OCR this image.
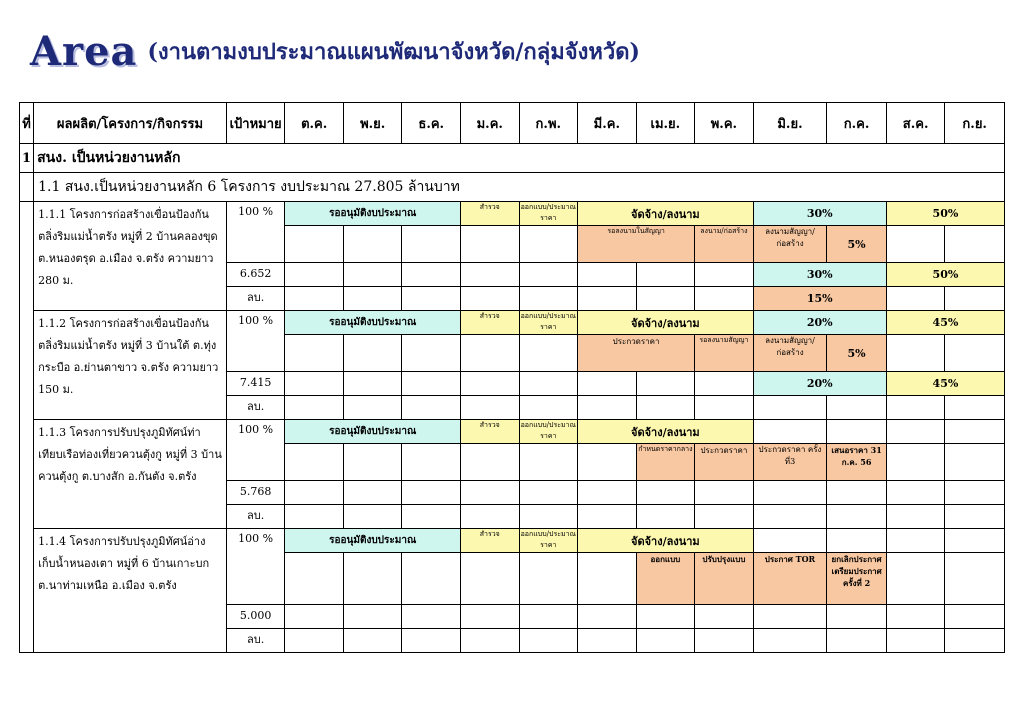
Area (งานตามงบประมาณแผนพัฒนาจังหวัด/กลุ่มจังหวัด)
ที่	ผลผลิต/โครงการ/กิจกรรม	เป้าหมาย	ต.ค.	พ.ย.	ธ.ค.	ม.ค.	ก.พ.	มี.ค.	เม.ย.	พ.ค.	มิ.ย.	ก.ค.	ส.ค.	ก.ย.
1	สนง. เป็นหน่วยงานหลัก													
	1.1 สนง.เป็นหน่วยงานหลัก 6 โครงการ งบประมาณ 27.805 ล้านบาท													
	1.1.1 โครงการก่อสร้างเขื่อนป้องกันตลิ่งริมแม่น้ำตรัง หมู่ที่ 2 บ้านคลองขุด ต.หนองตรุด อ.เมือง จ.ตรัง ความยาว 280 ม.	100 %	รออนุมัติงบประมาณ			สำรวจ	ออกแบบ/ประมาณราคา	จัดจ้าง/ลงนาม			30%		50%	
								รอลงนามในสัญญา		ลงนาม/ก่อสร้าง	ลงนามสัญญา/ก่อสร้าง	5%		
		6.652									30%		50%	
		ลบ.									15%			
	1.1.2 โครงการก่อสร้างเขื่อนป้องกันตลิ่งริมแม่น้ำตรัง หมู่ที่ 3 บ้านใต้ ต.ทุ่งกระบือ อ.ย่านตาขาว จ.ตรัง ความยาว 150 ม.	100 %	รออนุมัติงบประมาณ			สำรวจ	ออกแบบ/ประมาณราคา	จัดจ้าง/ลงนาม			20%		45%	
								ประกวดราคา		รอลงนามสัญญา	ลงนามสัญญา/ก่อสร้าง	5%		
		7.415									20%		45%	
		ลบ.												
	1.1.3 โครงการปรับปรุงภูมิทัศน์ท่าเทียบเรือท่องเที่ยวควนตุ้งกู หมู่ที่ 3 บ้านควนตุ้งกู ต.บางสัก อ.กันตัง จ.ตรัง	100 %	รออนุมัติงบประมาณ			สำรวจ	ออกแบบ/ประมาณราคา	จัดจ้าง/ลงนาม						
									กำหนดราคากลาง	ประกวดราคา	ประกวดราคา ครั้งที่3	เสนอราคา 31 ก.ค. 56		
		5.768												
		ลบ.												
	1.1.4 โครงการปรับปรุงภูมิทัศน์อ่างเก็บน้ำหนองเตา หมู่ที่ 6 บ้านเกาะบก ต.นาท่ามเหนือ อ.เมือง จ.ตรัง	100 %	รออนุมัติงบประมาณ			สำรวจ	ออกแบบ/ประมาณราคา	จัดจ้าง/ลงนาม						
									ออกแบบ	ปรับปรุงแบบ	ประกาศ TOR	ยกเลิกประกาศ เตรียมประกาศ ครั้งที่ 2		
		5.000												
		ลบ.												
